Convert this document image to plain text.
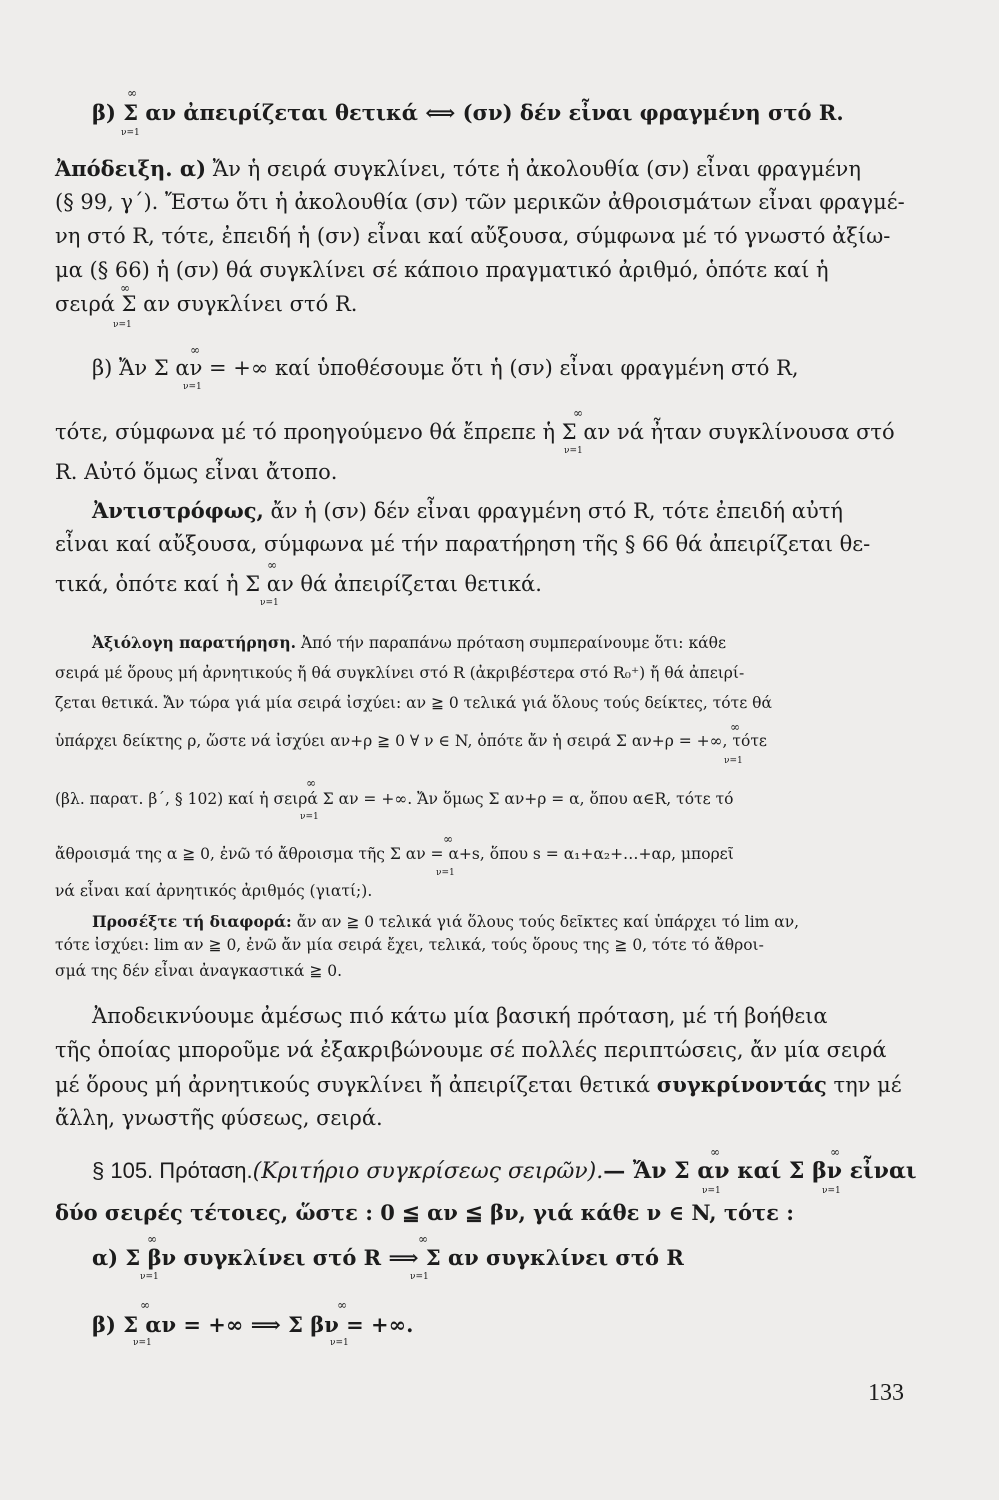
β) Σ αν ἀπειρίζεται θετικά ⟺ (σν) δέν εἶναι φραγμένη στό R.
∞
ν=1
Ἀπόδειξη. α) Ἄν ἡ σειρά συγκλίνει, τότε ἡ ἀκολουθία (σν) εἶναι φραγμένη
(§ 99, γ΄). Ἔστω ὅτι ἡ ἀκολουθία (σν) τῶν μερικῶν ἀθροισμάτων εἶναι φραγμέ-
νη στό R, τότε, ἐπειδή ἡ (σν) εἶναι καί αὔξουσα, σύμφωνα μέ τό γνωστό ἀξίω-
μα (§ 66) ἡ (σν) θά συγκλίνει σέ κάποιο πραγματικό ἀριθμό, ὁπότε καί ἡ
σειρά Σ αν συγκλίνει στό R.
∞
ν=1
β) Ἄν Σ αν = +∞ καί ὑποθέσουμε ὅτι ἡ (σν) εἶναι φραγμένη στό R,
∞
ν=1
τότε, σύμφωνα μέ τό προηγούμενο θά ἔπρεπε ἡ Σ αν νά ἦταν συγκλίνουσα στό
∞
ν=1
R. Αὐτό ὅμως εἶναι ἄτοπο.
Ἀντιστρόφως, ἄν ἡ (σν) δέν εἶναι φραγμένη στό R, τότε ἐπειδή αὐτή
εἶναι καί αὔξουσα, σύμφωνα μέ τήν παρατήρηση τῆς § 66 θά ἀπειρίζεται θε-
τικά, ὁπότε καί ἡ Σ αν θά ἀπειρίζεται θετικά.
∞
ν=1
Ἀξιόλογη παρατήρηση. Ἀπό τήν παραπάνω πρόταση συμπεραίνουμε ὅτι: κάθε
σειρά μέ ὅρους μή ἀρνητικούς ἤ θά συγκλίνει στό R (ἀκριβέστερα στό R₀⁺) ἤ θά ἀπειρί-
ζεται θετικά. Ἄν τώρα γιά μία σειρά ἰσχύει: αν ≧ 0 τελικά γιά ὅλους τούς δείκτες, τότε θά
ὑπάρχει δείκτης ρ, ὥστε νά ἰσχύει αν+ρ ≧ 0 ∀ ν ∈ N, ὁπότε ἄν ἡ σειρά Σ αν+ρ = +∞, τότε
∞
ν=1
(βλ. παρατ. β΄, § 102) καί ἡ σειρά Σ αν = +∞. Ἄν ὅμως Σ αν+ρ = α, ὅπου α∈R, τότε τό
∞
ν=1
ἄθροισμά της α ≧ 0, ἐνῶ τό ἄθροισμα τῆς Σ αν = α+s, ὅπου s = α₁+α₂+…+αρ, μπορεῖ
∞
ν=1
νά εἶναι καί ἀρνητικός ἀριθμός (γιατί;).
Προσέξτε τή διαφορά: ἄν αν ≧ 0 τελικά γιά ὅλους τούς δεῖκτες καί ὑπάρχει τό lim αν,
τότε ἰσχύει: lim αν ≧ 0, ἐνῶ ἄν μία σειρά ἔχει, τελικά, τούς ὅρους της ≧ 0, τότε τό ἄθροι-
σμά της δέν εἶναι ἀναγκαστικά ≧ 0.
Ἀποδεικνύουμε ἀμέσως πιό κάτω μία βασική πρόταση, μέ τή βοήθεια
τῆς ὁποίας μποροῦμε νά ἐξακριβώνουμε σέ πολλές περιπτώσεις, ἄν μία σειρά
μέ ὅρους μή ἀρνητικούς συγκλίνει ἤ ἀπειρίζεται θετικά συγκρίνοντάς την μέ
ἄλλη, γνωστῆς φύσεως, σειρά.
§ 105. Πρόταση.(Κριτήριο συγκρίσεως σειρῶν).— Ἄν Σ αν καί Σ βν εἶναι
∞
ν=1
∞
ν=1
δύο σειρές τέτοιες, ὥστε : 0 ≦ αν ≦ βν, γιά κάθε ν ∈ N, τότε :
α) Σ βν συγκλίνει στό R ⟹ Σ αν συγκλίνει στό R
∞
ν=1
∞
ν=1
β) Σ αν = +∞ ⟹ Σ βν = +∞.
∞
ν=1
∞
ν=1
133
